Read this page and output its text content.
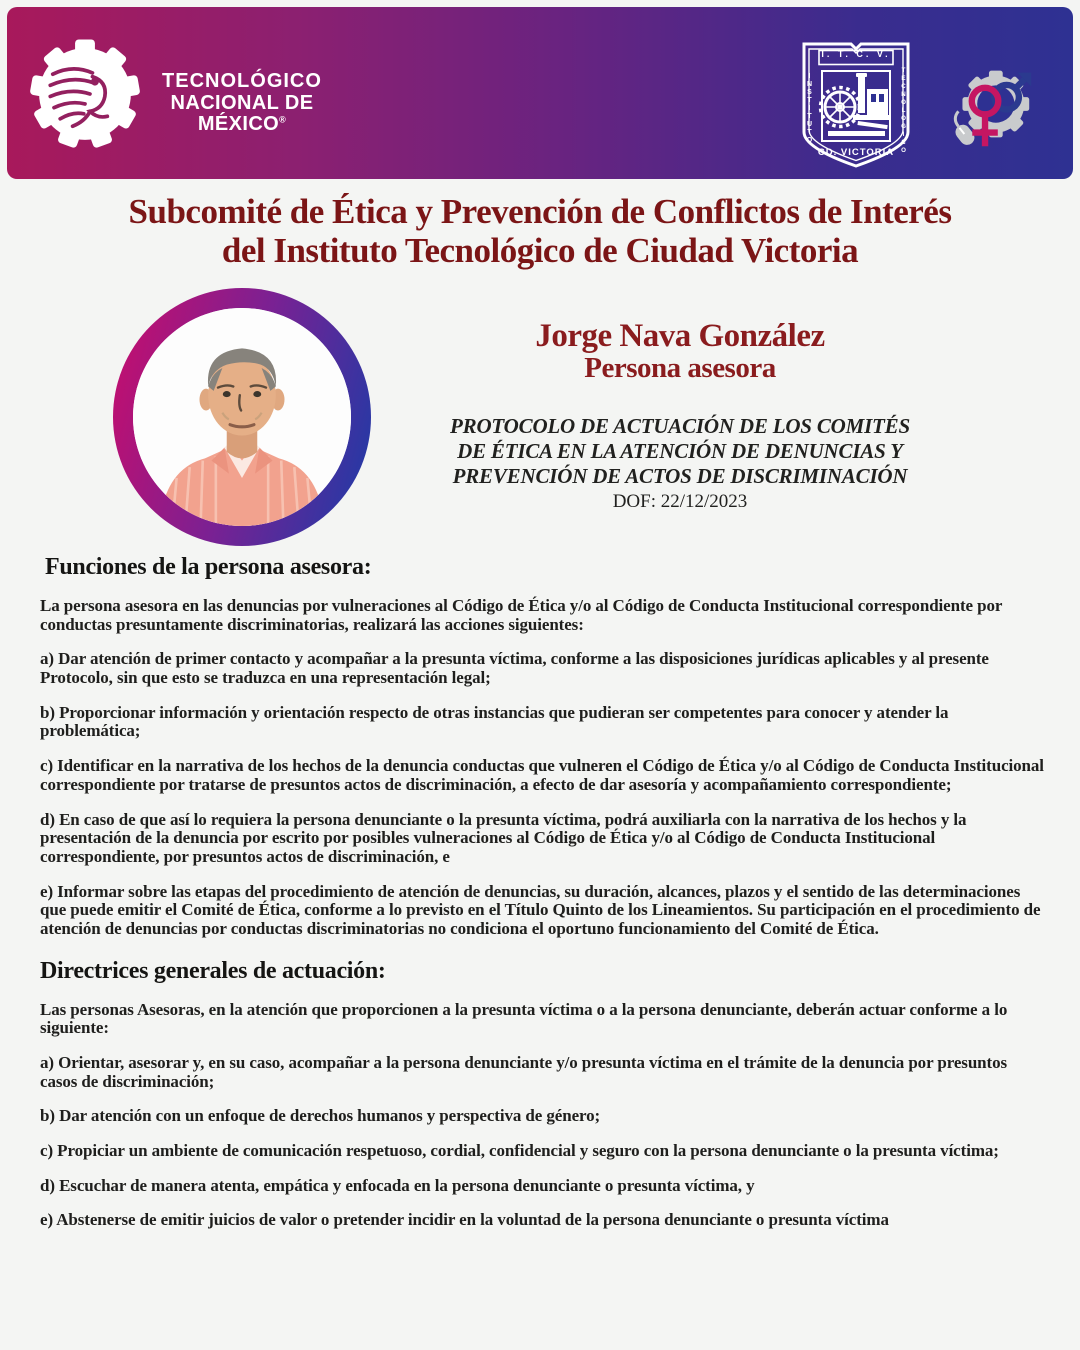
TECNOLÓGICO
NACIONAL DE MÉXICO®
I. T. C. V.
INSTITUTO	TECNOLOGICO
CD. VICTORIA
Subcomité de Ética y Prevención de Conflictos de Interés
del Instituto Tecnológico de Ciudad Victoria
Jorge Nava González
Persona asesora
PROTOCOLO DE ACTUACIÓN DE LOS COMITÉS
DE ÉTICA EN LA ATENCIÓN DE DENUNCIAS Y
PREVENCIÓN DE ACTOS DE DISCRIMINACIÓN
DOF: 22/12/2023
Funciones de la persona asesora:

La persona asesora en las denuncias por vulneraciones al Código de Ética y/o al Código de Conducta Institucional correspondiente por conductas presuntamente discriminatorias, realizará las acciones siguientes:

a) Dar atención de primer contacto y acompañar a la presunta víctima, conforme a las disposiciones jurídicas aplicables y al presente Protocolo, sin que esto se traduzca en una representación legal;

b) Proporcionar información y orientación respecto de otras instancias que pudieran ser competentes para conocer y atender la problemática;

c) Identificar en la narrativa de los hechos de la denuncia conductas que vulneren el Código de Ética y/o al Código de Conducta Institucional correspondiente por tratarse de presuntos actos de discriminación, a efecto de dar asesoría y acompañamiento correspondiente;

d) En caso de que así lo requiera la persona denunciante o la presunta víctima, podrá auxiliarla con la narrativa de los hechos y la presentación de la denuncia por escrito por posibles vulneraciones al Código de Ética y/o al Código de Conducta Institucional correspondiente, por presuntos actos de discriminación, e

e) Informar sobre las etapas del procedimiento de atención de denuncias, su duración, alcances, plazos y el sentido de las determinaciones que puede emitir el Comité de Ética, conforme a lo previsto en el Título Quinto de los Lineamientos. Su participación en el procedimiento de atención de denuncias por conductas discriminatorias no condiciona el oportuno funcionamiento del Comité de Ética.

Directrices generales de actuación:

Las personas Asesoras, en la atención que proporcionen a la presunta víctima o a la persona denunciante, deberán actuar conforme a lo siguiente:

a) Orientar, asesorar y, en su caso, acompañar a la persona denunciante y/o presunta víctima en el trámite de la denuncia por presuntos casos de discriminación;

b) Dar atención con un enfoque de derechos humanos y perspectiva de género;

c) Propiciar un ambiente de comunicación respetuoso, cordial, confidencial y seguro con la persona denunciante o la presunta víctima;

d) Escuchar de manera atenta, empática y enfocada en la persona denunciante o presunta víctima, y

e) Abstenerse de emitir juicios de valor o pretender incidir en la voluntad de la persona denunciante o presunta víctima
